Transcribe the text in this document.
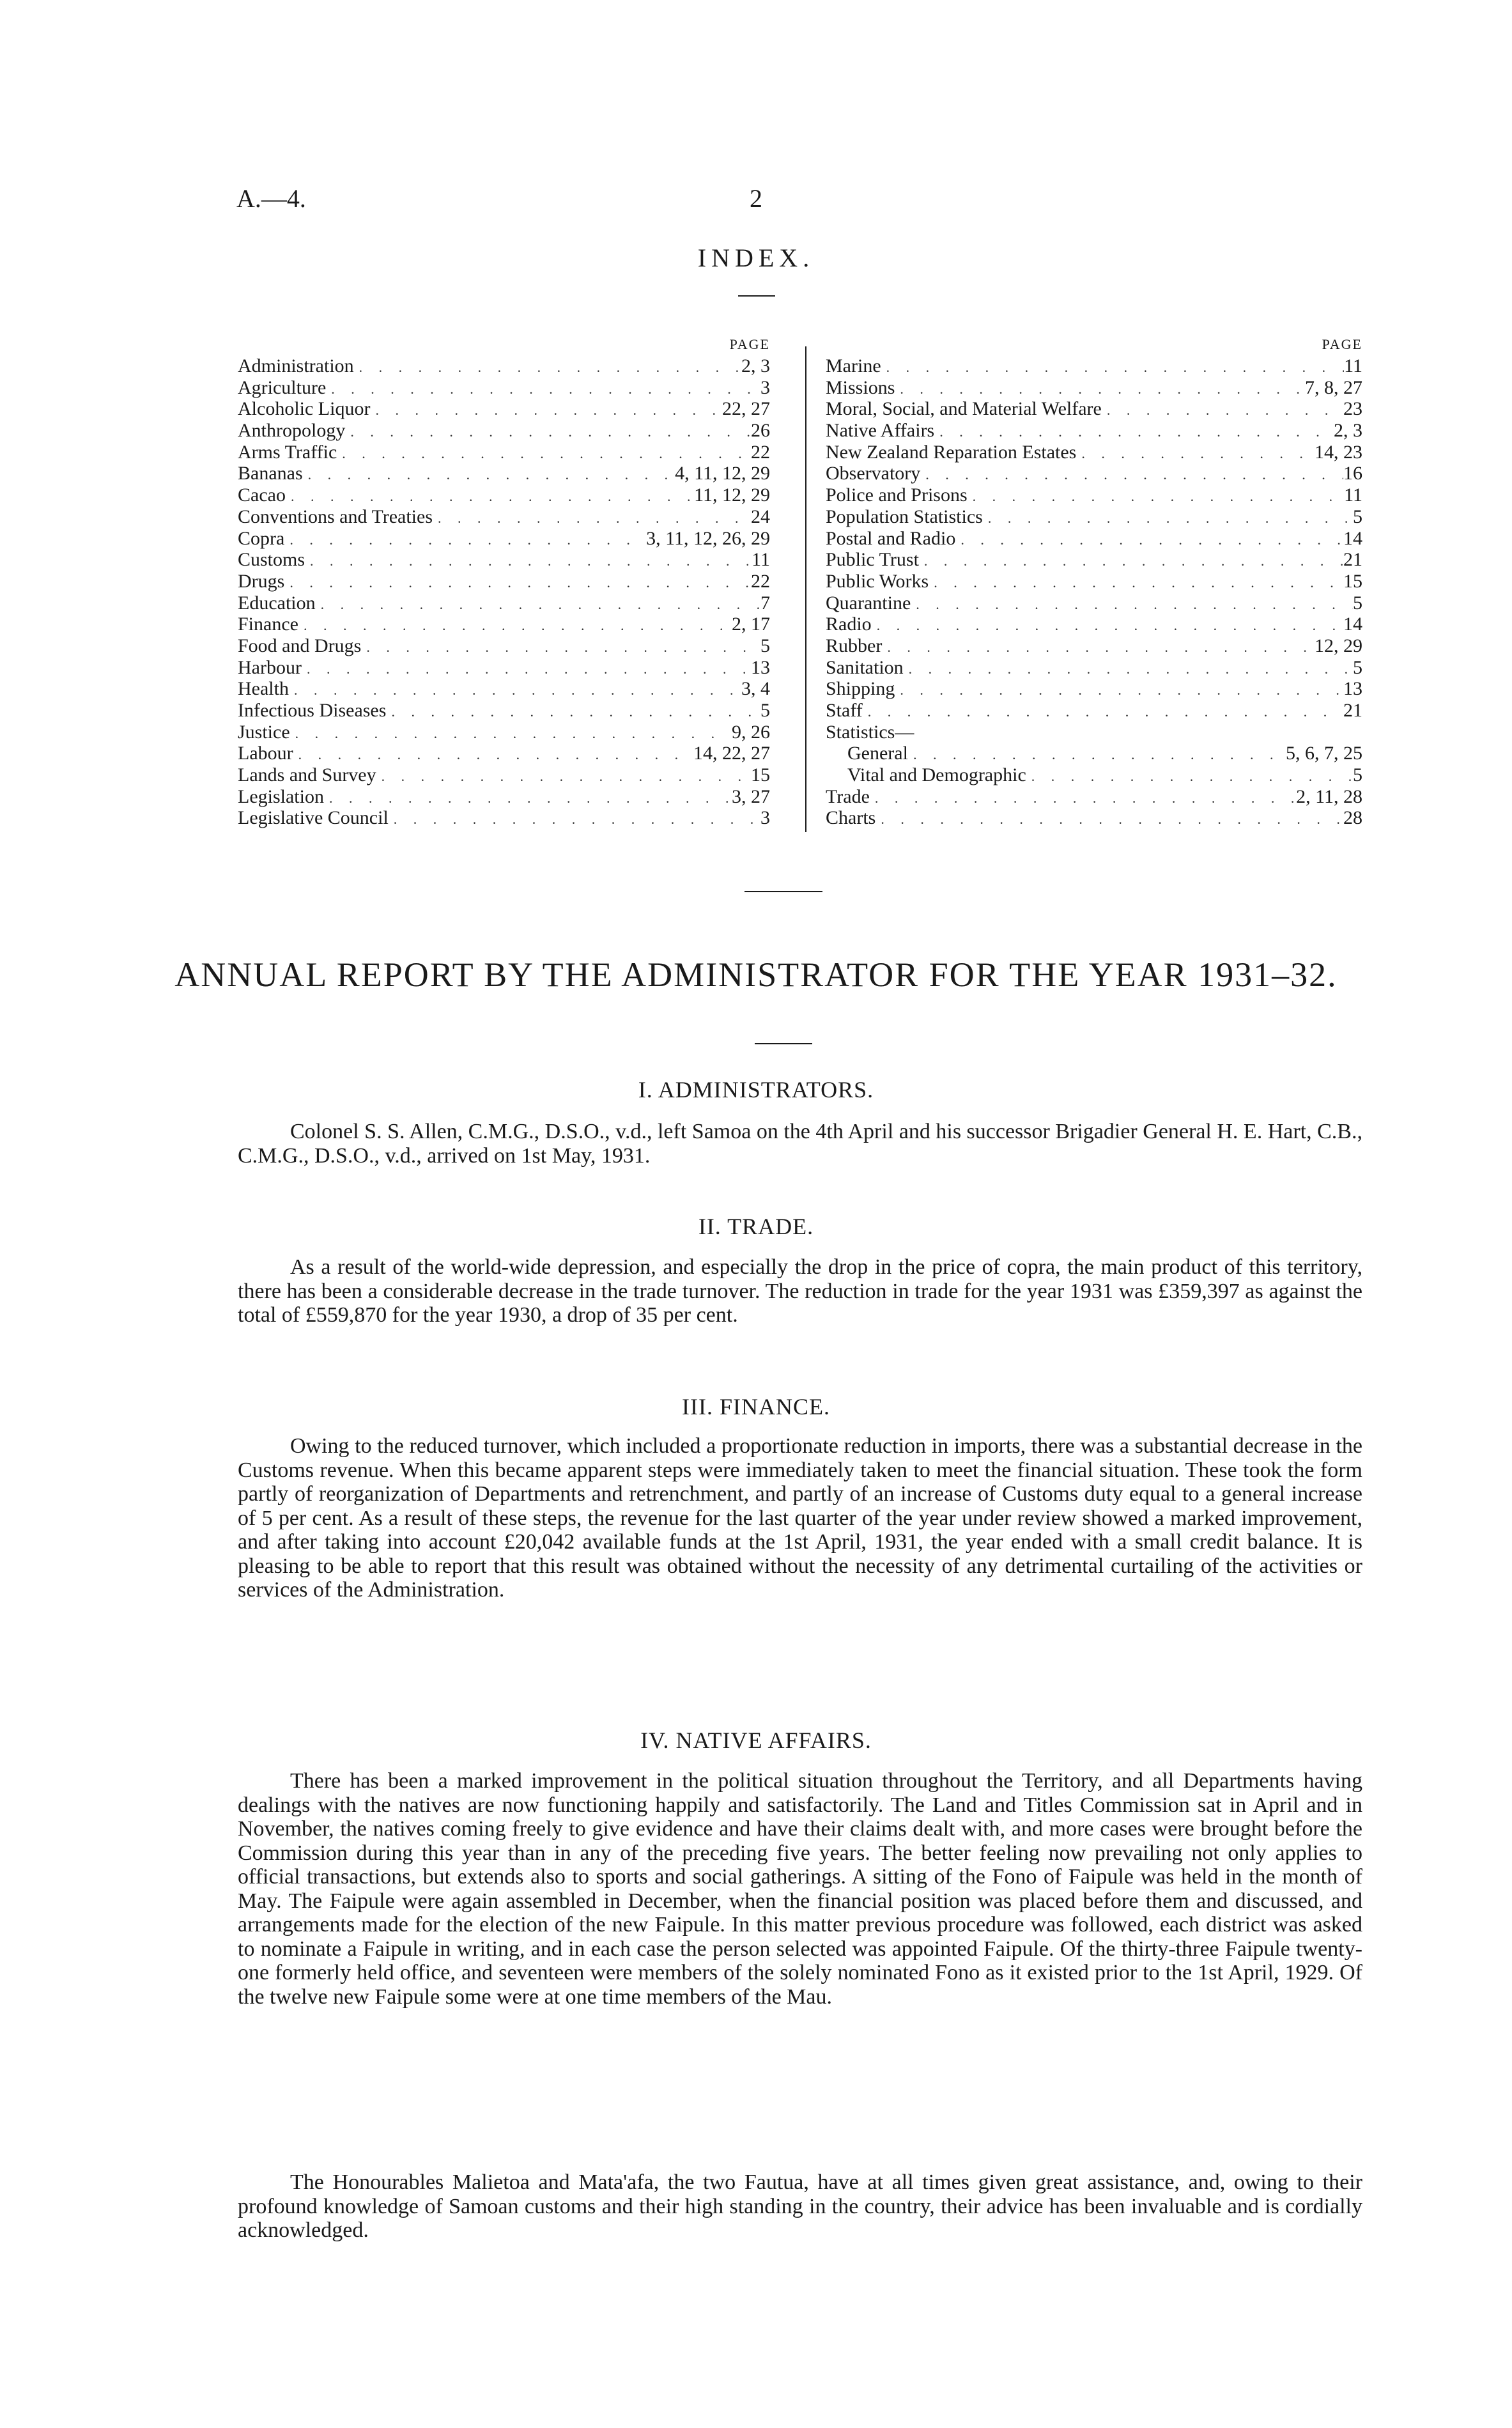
A.—4.	2
INDEX.
PAGE
Administration . . .	2, 3
Agriculture . . .	3
Alcoholic Liquor . . .	22, 27
Anthropology . . .	26
Arms Traffic . . .	22
Bananas . . .	4, 11, 12, 29
Cacao . . .	11, 12, 29
Conventions and Treaties . . .	24
Copra . . .	3, 11, 12, 26, 29
Customs . . .	11
Drugs . . .	22
Education . . .	7
Finance . . .	2, 17
Food and Drugs . . .	5
Harbour . . .	13
Health . . .	3, 4
Infectious Diseases . . .	5
Justice . . .	9, 26
Labour . . .	14, 22, 27
Lands and Survey . . .	15
Legislation . . .	3, 27
Legislative Council . . .	3
PAGE
Marine . . .	11
Missions . . .	7, 8, 27
Moral, Social, and Material Welfare . . .	23
Native Affairs . . .	2, 3
New Zealand Reparation Estates . . .	14, 23
Observatory . . .	16
Police and Prisons . . .	11
Population Statistics . . .	5
Postal and Radio . . .	14
Public Trust . . .	21
Public Works . . .	15
Quarantine . . .	5
Radio . . .	14
Rubber . . .	12, 29
Sanitation . . .	5
Shipping . . .	13
Staff . . .	21
Statistics—
General . . .	5, 6, 7, 25
Vital and Demographic . . .	5
Trade . . .	2, 11, 28
Charts . . .	28
ANNUAL REPORT BY THE ADMINISTRATOR FOR THE YEAR 1931–32.
I. ADMINISTRATORS.

Colonel S. S. Allen, C.M.G., D.S.O., v.d., left Samoa on the 4th April and his successor Brigadier General H. E. Hart, C.B., C.M.G., D.S.O., v.d., arrived on 1st May, 1931.

II. TRADE.

As a result of the world-wide depression, and especially the drop in the price of copra, the main product of this territory, there has been a considerable decrease in the trade turnover. The reduction in trade for the year 1931 was £359,397 as against the total of £559,870 for the year 1930, a drop of 35 per cent.

III. FINANCE.

Owing to the reduced turnover, which included a proportionate reduction in imports, there was a substantial decrease in the Customs revenue. When this became apparent steps were immediately taken to meet the financial situation. These took the form partly of reorganization of Departments and retrenchment, and partly of an increase of Customs duty equal to a general increase of 5 per cent. As a result of these steps, the revenue for the last quarter of the year under review showed a marked improvement, and after taking into account £20,042 available funds at the 1st April, 1931, the year ended with a small credit balance. It is pleasing to be able to report that this result was obtained without the necessity of any detrimental curtailing of the activities or services of the Administration.

IV. NATIVE AFFAIRS.

There has been a marked improvement in the political situation throughout the Territory, and all Departments having dealings with the natives are now functioning happily and satisfactorily. The Land and Titles Commission sat in April and in November, the natives coming freely to give evidence and have their claims dealt with, and more cases were brought before the Commission during this year than in any of the preceding five years. The better feeling now prevailing not only applies to official transactions, but extends also to sports and social gatherings. A sitting of the Fono of Faipule was held in the month of May. The Faipule were again assembled in December, when the financial position was placed before them and discussed, and arrangements made for the election of the new Faipule. In this matter previous procedure was followed, each district was asked to nominate a Faipule in writing, and in each case the person selected was appointed Faipule. Of the thirty-three Faipule twenty-one formerly held office, and seventeen were members of the solely nominated Fono as it existed prior to the 1st April, 1929. Of the twelve new Faipule some were at one time members of the Mau.

The Honourables Malietoa and Mata'afa, the two Fautua, have at all times given great assistance, and, owing to their profound knowledge of Samoan customs and their high standing in the country, their advice has been invaluable and is cordially acknowledged.
